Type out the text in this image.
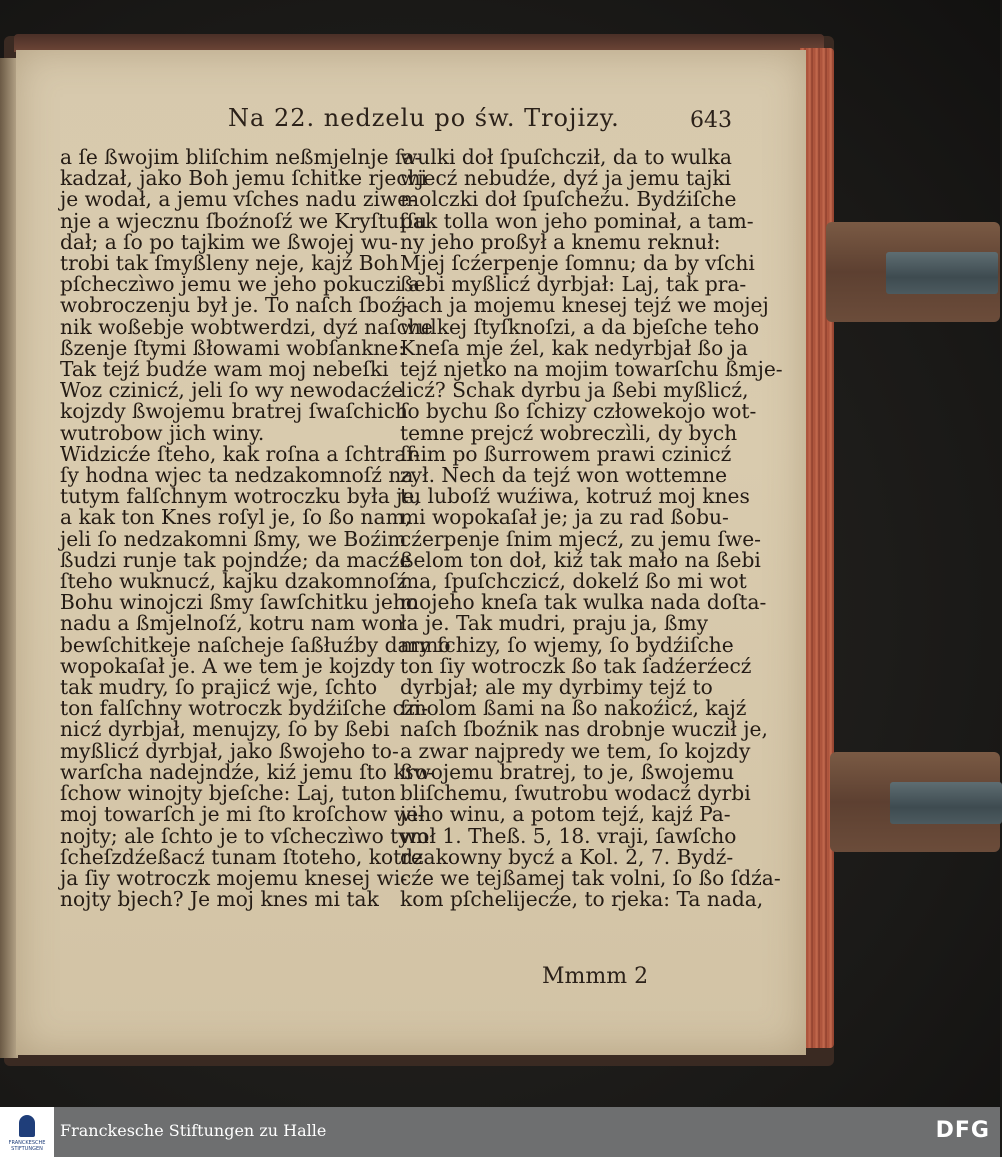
Na 22. nedzelu po św. Trojizy.	643
a ſe ßwojim bliſchim neßmjelnje ſa-
kadzał, jako Boh jemu ſchitke rjechi
je wodał, a jemu vſches nadu ziwe-
nje a wjecznu ſboźnoſź we Kryſtuſſu
dał; a ſo po tajkim we ßwojej wu-
trobi tak ſmyßleny neje, kajź Boh
pſcheczìwo jemu we jeho pokuczi a
wobroczenju był je. To naſch ſboź-
nik woßebje wobtwerdzi, dyź naſche
ßzenje ſtymi ßłowami wobſankne:
Tak tejź budźe wam moj nebeſki
Woz czinicź, jeli ſo wy newodacźe
kojzdy ßwojemu bratrej ſwaſchich
wutrobow jich winy.
Widzicźe ſteho, kak roſna a ſchtraf-
ſy hodna wjec ta nedzakomnoſź na
tutym falſchnym wotroczku była je,
a kak ton Knes roſyl je, ſo ßo nam,
jeli ſo nedzakomni ßmy, we Boźim
ßudzi runje tak pojndźe; da macźe
ſteho wuknucź, kajku dzakomnoſź
Bohu winojczi ßmy ſawſchitku jeho
nadu a ßmjelnoſź, kotru nam won
bewſchitkeje naſcheje ſaßłuźby darmo
wopokaſał je. A we tem je kojzdy
tak mudry, ſo prajicź wje, ſchto
ton falſchny wotroczk bydźiſche czi-
nicź dyrbjał, menujzy, ſo by ßebi
myßlicź dyrbjał, jako ßwojeho to-
warſcha nadejndźe, kiź jemu ſto kro-
ſchow winojty bjeſche: Laj, tuton
moj towarſch je mi ſto kroſchow wi-
nojty; ale ſchto je to vſcheczìwo tym
ſcheſzdźeßacź tunam ſtoteho, kotre
ja ſiy wotroczk mojemu knesej wi-
nojty bjech? Je moj knes mi tak
wulki doł ſpuſchcził, da to wulka
wjecź nebudźe, dyź ja jemu tajki
molczki doł ſpuſcheźu. Bydźiſche
pak tolla won jeho pominał, a tam-
ny jeho proßył a knemu reknuł:
Mjej ſcźerpenje ſomnu; da by vſchi
ßebi myßlicź dyrbjał: Laj, tak pra-
jach ja mojemu knesej tejź we mojej
wulkej ſtyſknoſzi, a da bjeſche teho
Kneſa mje źel, kak nedyrbjał ßo ja
tejź njetko na mojim towarſchu ßmje-
licź? Schak dyrbu ja ßebi myßlicź,
ſo bychu ßo ſchizy człowekojo wot-
temne prejcź wobreczìli, dy bych
ſnim po ßurrowem prawi czinicź
zył. Nech da tejź won wottemne
tu luboſź wuźiwa, kotruź moj knes
mi wopokaſał je; ja zu rad ßobu-
cźerpenje ſnim mjecź, zu jemu ſwe-
ßelom ton doł, kiź tak mało na ßebi
ma, ſpuſchczicź, dokelź ßo mi wot
mojeho kneſa tak wulka nada doſta-
ła je. Tak mudri, praju ja, ßmy
my ſchizy, ſo wjemy, ſo bydźiſche
ton ſiy wotroczk ßo tak ſadźerźecź
dyrbjał; ale my dyrbimy tejź to
ſmolom ßami na ßo nakoźicź, kajź
naſch ſboźnik nas drobnje wucził je,
a zwar najpredy we tem, ſo kojzdy
ßwojemu bratrej, to je, ßwojemu
bliſchemu, ſwutrobu wodacź dyrbi
jeho winu, a potom tejź, kajź Pa-
woł 1. Theß. 5, 18. vraji, ſawſcho
dzakowny bycź a Kol. 2, 7. Bydź-
cźe we tejßamej tak volni, ſo ßo ſdźa-
kom pſchelijecźe, to rjeka: Ta nada,
Mmmm 2
FRANCKESCHE
STIFTUNGEN
Franckesche Stiftungen zu Halle	DFG
